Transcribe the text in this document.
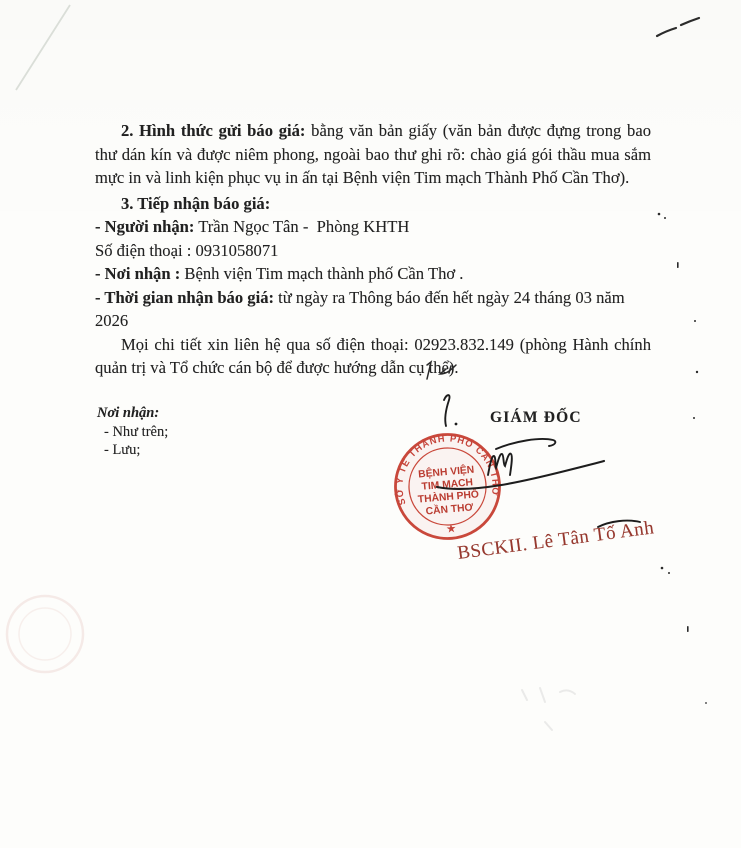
2. Hình thức gửi báo giá: bằng văn bản giấy (văn bản được đựng trong bao thư dán kín và được niêm phong, ngoài bao thư ghi rõ: chào giá gói thầu mua sắm mực in và linh kiện phục vụ in ấn tại Bệnh viện Tim mạch Thành Phố Cần Thơ).

3. Tiếp nhận báo giá:

- Người nhận: Trần Ngọc Tân -  Phòng KHTH

Số điện thoại : 0931058071

- Nơi nhận : Bệnh viện Tim mạch thành phố Cần Thơ .

- Thời gian nhận báo giá: từ ngày ra Thông báo đến hết ngày 24 tháng 03 năm 2026

Mọi chi tiết xin liên hệ qua số điện thoại: 02923.832.149 (phòng Hành chính quản trị và Tổ chức cán bộ để được hướng dẫn cụ thể).

Nơi nhận:
- Như trên;
- Lưu;
GIÁM ĐỐC
SỞ Y TẾ THÀNH PHỐ CẦN THƠ
BỆNH VIỆN
TIM MẠCH
THÀNH PHỐ
CẦN THƠ
★ BSCKII. Lê Tân Tố Anh
